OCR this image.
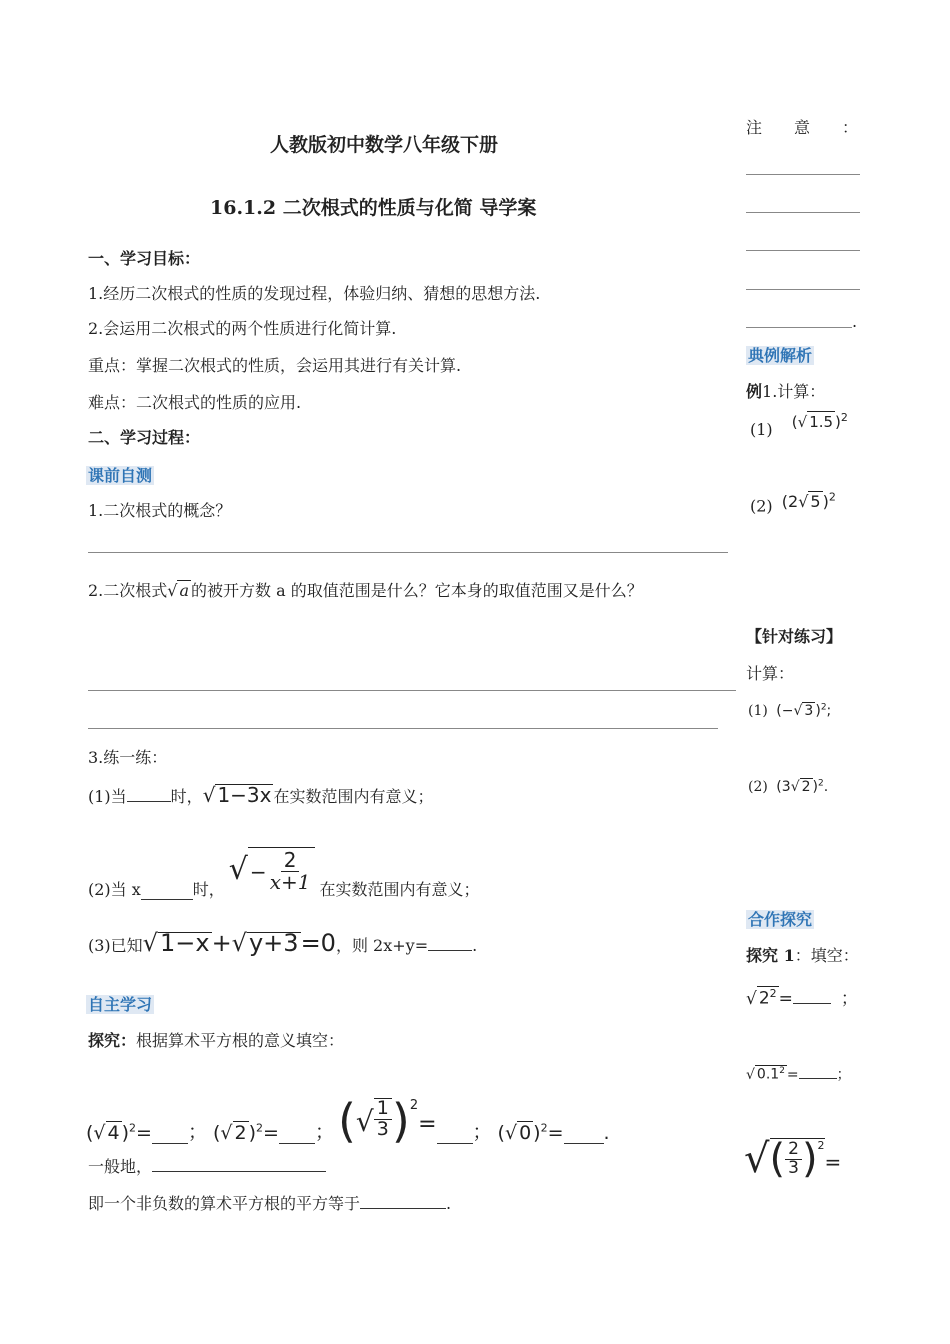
人教版初中数学八年级下册
16.1.2 二次根式的性质与化简 导学案
一、学习目标：
1.经历二次根式的性质的发现过程，体验归纳、猜想的思想方法.
2.会运用二次根式的两个性质进行化简计算.
重点：掌握二次根式的性质，会运用其进行有关计算.
难点：二次根式的性质的应用.
二、学习过程：
课前自测
1.二次根式的概念？
2.二次根式√ a 的被开方数 a 的取值范围是什么？它本身的取值范围又是什么？
3.练一练：
(1)当	时，√ 1−3x 在实数范围内有意义；
(2)当 x	时，
√ − $\frac{2}{x+1}$ 在实数范围内有意义；
(3)已知√1−x+√y+3=0，则 2x+y=	.
自主学习
探究：根据算术平方根的意义填空：
(√ 4 )$^2$= ； (√ 2 )$^2$= ； ( √ $\frac{1}{3} )^2$
= ； (√ 0 )$^2$= .
一般地，
即一个非负数的算术平方根的平方等于	.
注　　意　　：
.
典例解析
例1.计算：
(1) (√ 1.5 )$^2$
(2) (2√ 5 )$^2$
【针对练习】
计算：
(1) (−√ 3 )$^2$;
(2) (3√ 2 )$^2$.
合作探究
探究 1：填空：
√ $2^2$ =	；
√ $0.1^2$ =	；
√ ( $\frac{2}{3} )^2$
=
